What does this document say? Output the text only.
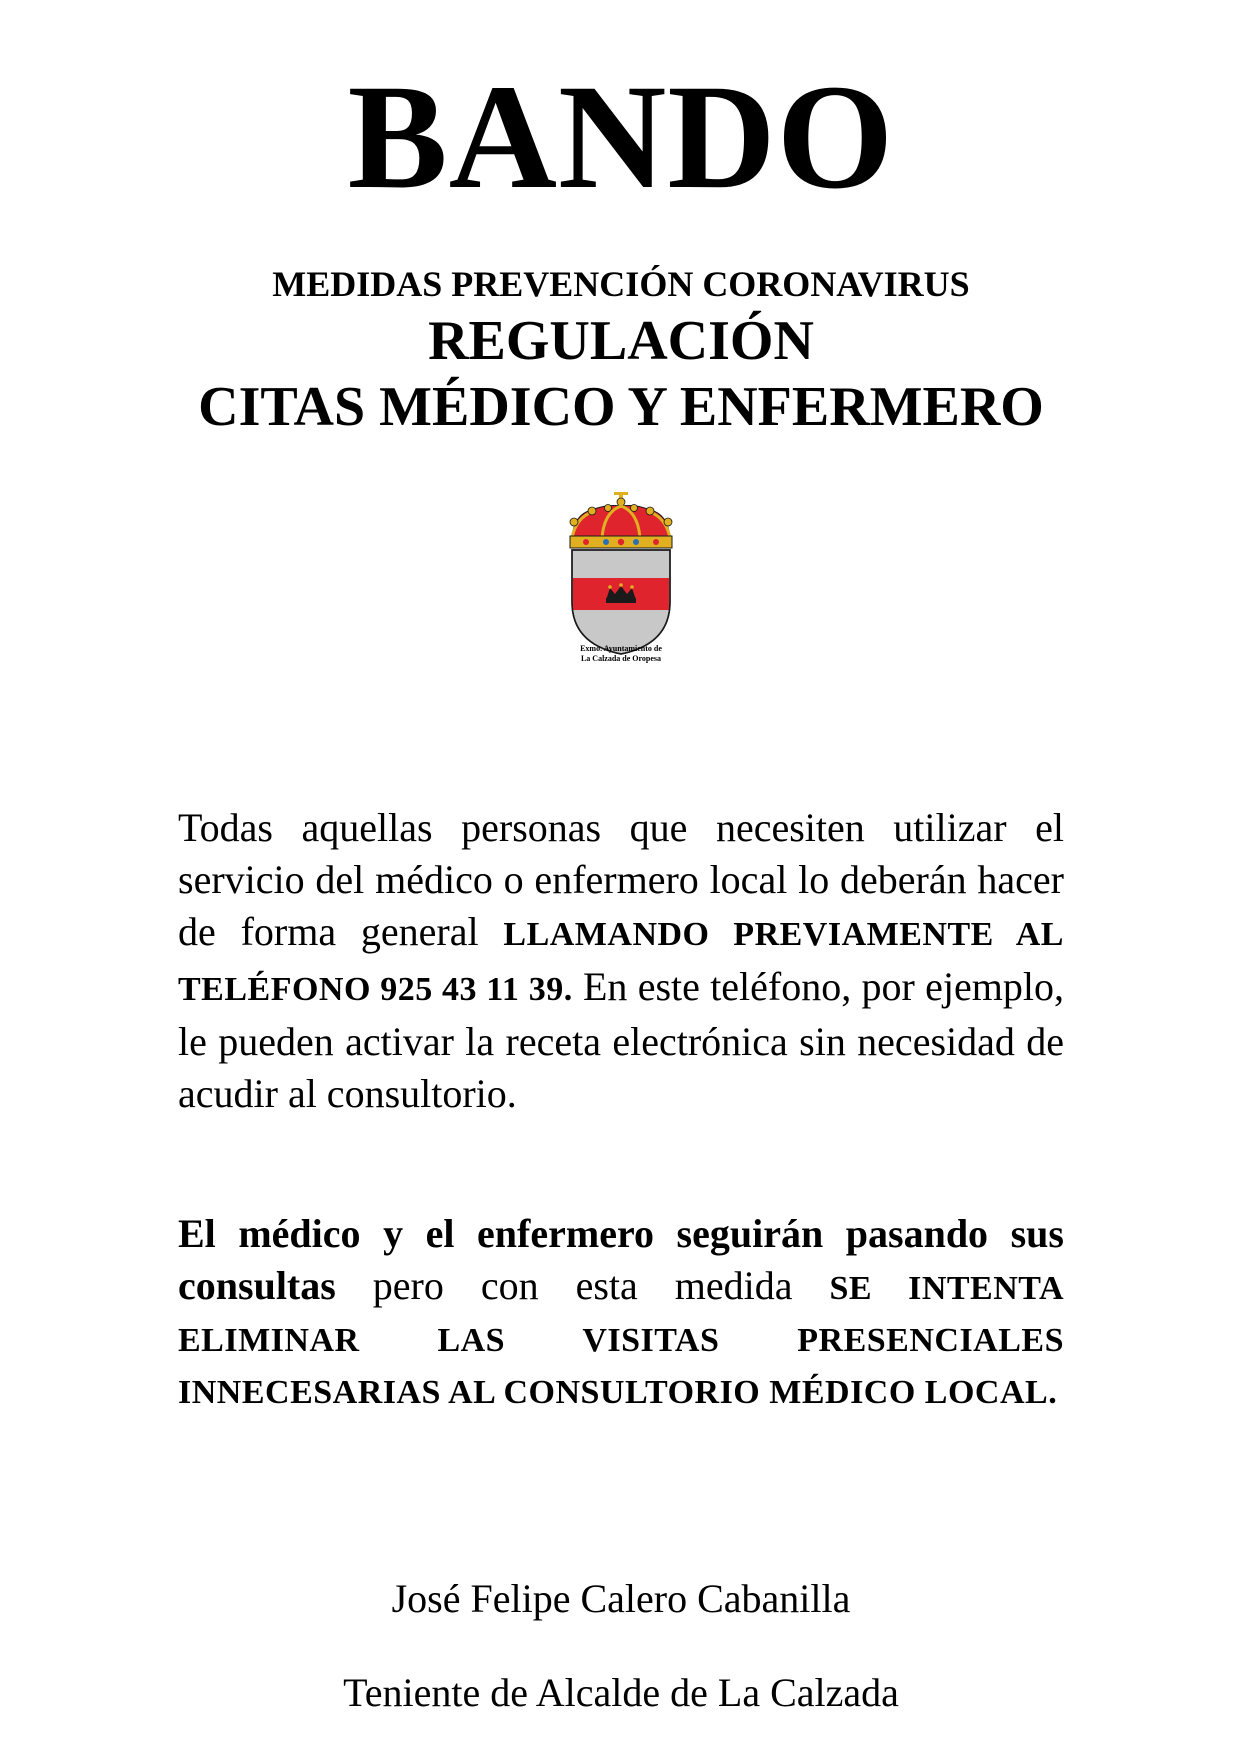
BANDO
MEDIDAS PREVENCIÓN CORONAVIRUS
REGULACIÓN
CITAS MÉDICO Y ENFERMERO
Exmo. Ayuntamiento de
La Calzada de Oropesa
Todas aquellas personas que necesiten utilizar el servicio del médico o enfermero local lo deberán hacer de forma general LLAMANDO PREVIAMENTE AL TELÉFONO 925 43 11 39. En este teléfono, por ejemplo, le pueden activar la receta electrónica sin necesidad de acudir al consultorio.
El médico y el enfermero seguirán pasando sus consultas pero con esta medida SE INTENTA ELIMINAR LAS VISITAS PRESENCIALES INNECESARIAS AL CONSULTORIO MÉDICO LOCAL.
José Felipe Calero Cabanilla
Teniente de Alcalde de La Calzada
